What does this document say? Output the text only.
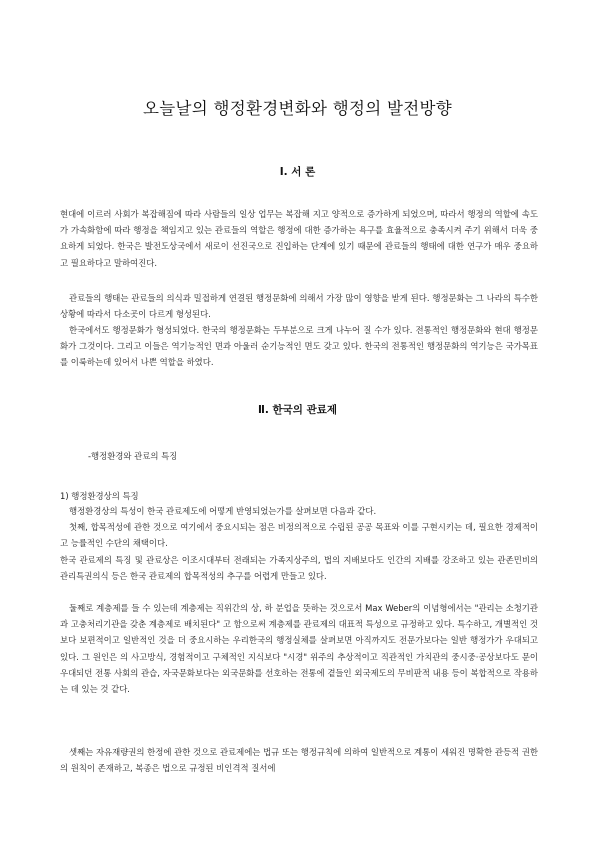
오늘날의 행정환경변화와 행정의 발전방향
Ⅰ. 서 론

현대에 이르러 사회가 복잡해짐에 따라 사람들의 일상 업무는 복잡해 지고 양적으로 증가하게 되었으며, 따라서 행정의 역할에 속도가 가속화함에 따라 행정을 책임지고 있는 관료들의 역할은 행정에 대한 증가하는 욕구를 효율적으로 충족시켜 주기 위해서 더욱 중요하게 되었다. 한국은 발전도상국에서 새로이 선진국으로 진입하는 단계에 있기 때문에 관료들의 행태에 대한 연구가 매우 중요하고 필요하다고 말하여진다.

관료들의 행태는 관료들의 의식과 밀접하게 연결된 행정문화에 의해서 가장 많이 영향을 받게 된다. 행정문화는 그 나라의 특수한 상황에 따라서 다소곳이 다르게 형성된다.

한국에서도 행정문화가 형성되었다. 한국의 행정문화는 두부분으로 크게 나누어 질 수가 있다. 전통적인 행정문화와 현대 행정문화가 그것이다. 그리고 이들은 역기능적인 면과 아울러 순기능적인 면도 갖고 있다. 한국의 전통적인 행정문화의 역기능은 국가목표를 이룩하는데 있어서 나쁜 역할을 하였다.

Ⅱ. 한국의 관료제

-행정환경와 관료의 특징

1) 행정환경상의 특징

행정환경상의 특성이 한국 관료제도에 어떻게 반영되었는가를 살펴보면 다음과 같다.

첫째, 합목적성에 관한 것으로 여기에서 중요시되는 점은 비정의적으로 수립된 공공 목표와 이를 구현시키는 데, 필요한 경제적이고 능률적인 수단의 채택이다.

한국 관료제의 특징 및 관료상은 이조시대부터 전래되는 가족지상주의, 법의 지배보다도 인간의 지배를 강조하고 있는 관존민비의 관리특권의식 등은 한국 관료제의 합목적성의 추구를 어렵게 만들고 있다.

둘째로 계층제를 들 수 있는데 계층제는 직위간의 상, 하 분업을 뜻하는 것으로서 Max Weber의 이념형에서는 "관리는 소청기관과 고충처리기관을 갖춘 계층제로 배치된다" 고 함으로써 계층제를 관료제의 대표적 특성으로 규정하고 있다. 특수하고, 개별적인 것보다 보편적이고 일반적인 것을 더 중요시하는 우리한국의 행정실체를 살펴보면 아직까지도 전문가보다는 일반 행정가가 우대되고 있다. 그 원인은 의 사고방식, 경험적이고 구체적인 지식보다 "시경" 위주의 추상적이고 직관적인 가치관의 중시중·공상보다도 문이 우대되던 전통 사회의 관습, 자국문화보다는 외국문화를 선호하는 전통에 곁들인 외국제도의 무비판적 내용 등이 복합적으로 작용하는 데 있는 것 같다.

셋째는 자유재량권의 한정에 관한 것으로 관료제에는 법규 또는 행정규칙에 의하여 일반적으로 계통이 세워진 명확한 관등적 권한의 원칙이 존재하고, 복종은 법으로 규정된 비인격적 질서에
